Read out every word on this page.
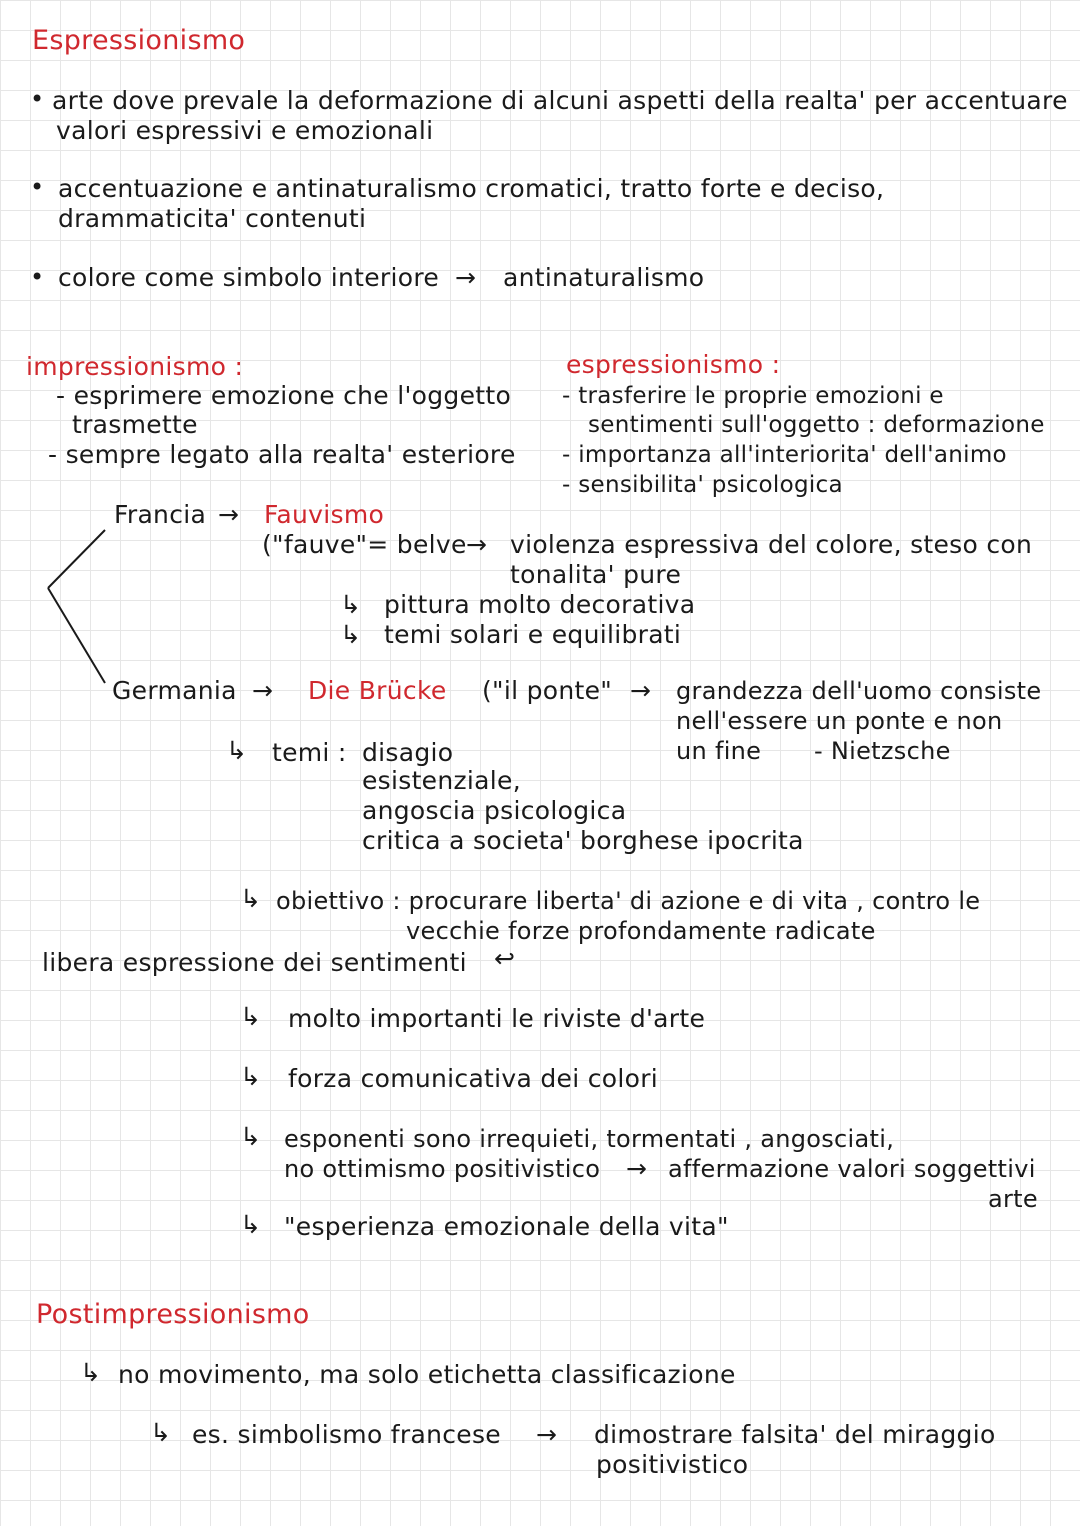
Espressionismo
• arte dove prevale la deformazione di alcuni aspetti della realta' per accentuare
valori espressivi e emozionali
• accentuazione e antinaturalismo cromatici, tratto forte e deciso,
drammaticita' contenuti
• colore come simbolo interiore → antinaturalismo
impressionismo :
- esprimere emozione che l'oggetto
trasmette
- sempre legato alla realta' esteriore
espressionismo :
- trasferire le proprie emozioni e
sentimenti sull'oggetto : deformazione
- importanza all'interiorita' dell'animo
- sensibilita' psicologica
Francia → Fauvismo
("fauve"= belve → violenza espressiva del colore, steso con
tonalita' pure
↳ pittura molto decorativa
↳ temi solari e equilibrati
Germania → Die Brücke ("il ponte" → grandezza dell'uomo consiste
nell'essere un ponte e non
un fine - Nietzsche
↳ temi : disagio
esistenziale,
angoscia psicologica
critica a societa' borghese ipocrita
↳ obiettivo : procurare liberta' di azione e di vita , contro le
vecchie forze profondamente radicate
libera espressione dei sentimenti ↩
↳ molto importanti le riviste d'arte
↳ forza comunicativa dei colori
↳ esponenti sono irrequieti, tormentati , angosciati,
no ottimismo positivistico → affermazione valori soggettivi
arte
↳ "esperienza emozionale della vita"
Postimpressionismo
↳ no movimento, ma solo etichetta classificazione
↳ es. simbolismo francese → dimostrare falsita' del miraggio
positivistico
